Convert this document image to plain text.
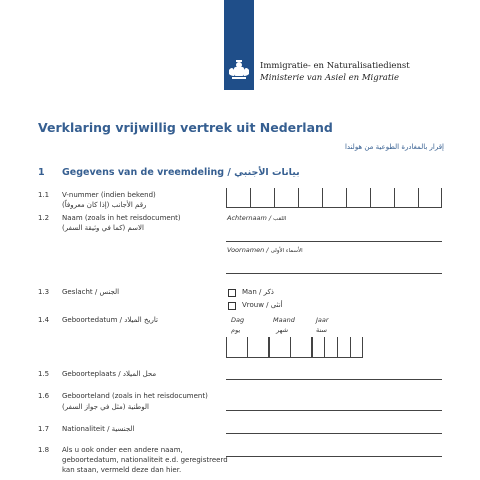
Immigratie- en Naturalisatiedienst
Ministerie van Asiel en Migratie
Verklaring vrijwillig vertrek uit Nederland
إقرار بالمغادرة الطوعية من هولندا
1 Gegevens van de vreemdeling / بيانات الأجنبي
1.1 V-nummer (indien bekend)
رقم الأجانب (إذا كان معروفاً)
1.2 Naam (zoals in het reisdocument)
الاسم (كما في وثيقة السفر)
Achternaam / اللقب
Voornamen / الأسماء الأولى
1.3 Geslacht / الجنس	Man / ذكر
Vrouw / أنثى
1.4 Geboortedatum / تاريخ الميلاد	Dag	Maand	Jaar
يوم	شهر	سنة
1.5 Geboorteplaats / محل الميلاد
1.6 Geboorteland (zoals in het reisdocument)
الوطنية (مثل في جواز السفر)
1.7 Nationaliteit / الجنسية
1.8 Als u ook onder een andere naam,
geboortedatum, nationaliteit e.d. geregistreerd
kan staan, vermeld deze dan hier.
